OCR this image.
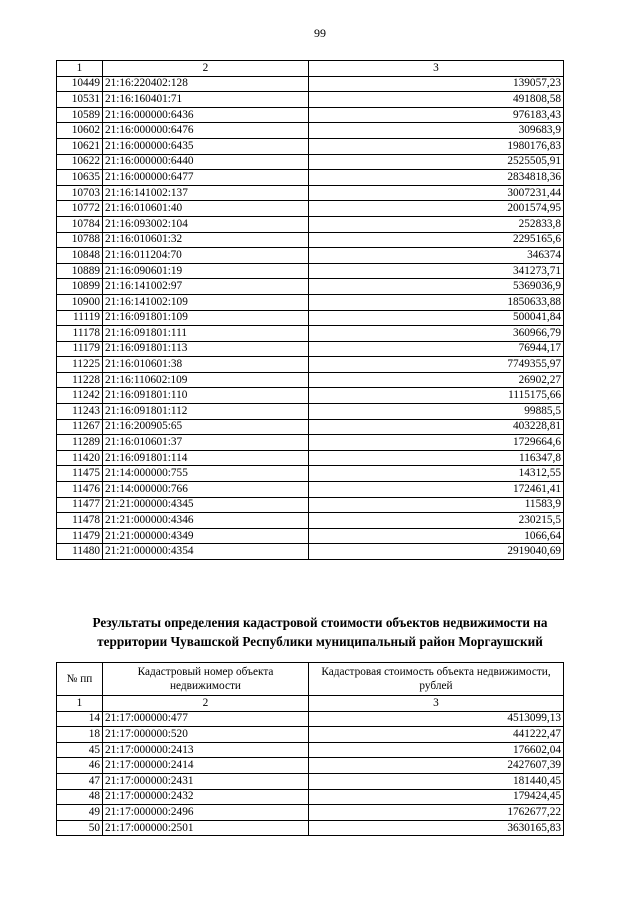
99
1	2	3
10449	21:16:220402:128	139057,23
10531	21:16:160401:71	491808,58
10589	21:16:000000:6436	976183,43
10602	21:16:000000:6476	309683,9
10621	21:16:000000:6435	1980176,83
10622	21:16:000000:6440	2525505,91
10635	21:16:000000:6477	2834818,36
10703	21:16:141002:137	3007231,44
10772	21:16:010601:40	2001574,95
10784	21:16:093002:104	252833,8
10788	21:16:010601:32	2295165,6
10848	21:16:011204:70	346374
10889	21:16:090601:19	341273,71
10899	21:16:141002:97	5369036,9
10900	21:16:141002:109	1850633,88
11119	21:16:091801:109	500041,84
11178	21:16:091801:111	360966,79
11179	21:16:091801:113	76944,17
11225	21:16:010601:38	7749355,97
11228	21:16:110602:109	26902,27
11242	21:16:091801:110	1115175,66
11243	21:16:091801:112	99885,5
11267	21:16:200905:65	403228,81
11289	21:16:010601:37	1729664,6
11420	21:16:091801:114	116347,8
11475	21:14:000000:755	14312,55
11476	21:14:000000:766	172461,41
11477	21:21:000000:4345	11583,9
11478	21:21:000000:4346	230215,5
11479	21:21:000000:4349	1066,64
11480	21:21:000000:4354	2919040,69
Результаты определения кадастровой стоимости объектов недвижимости на
территории Чувашской Республики муниципальный район Моргаушский
№ пп	Кадастровый номер объекта недвижимости	Кадастровая стоимость объекта недвижимости, рублей
1	2	3
14	21:17:000000:477	4513099,13
18	21:17:000000:520	441222,47
45	21:17:000000:2413	176602,04
46	21:17:000000:2414	2427607,39
47	21:17:000000:2431	181440,45
48	21:17:000000:2432	179424,45
49	21:17:000000:2496	1762677,22
50	21:17:000000:2501	3630165,83
